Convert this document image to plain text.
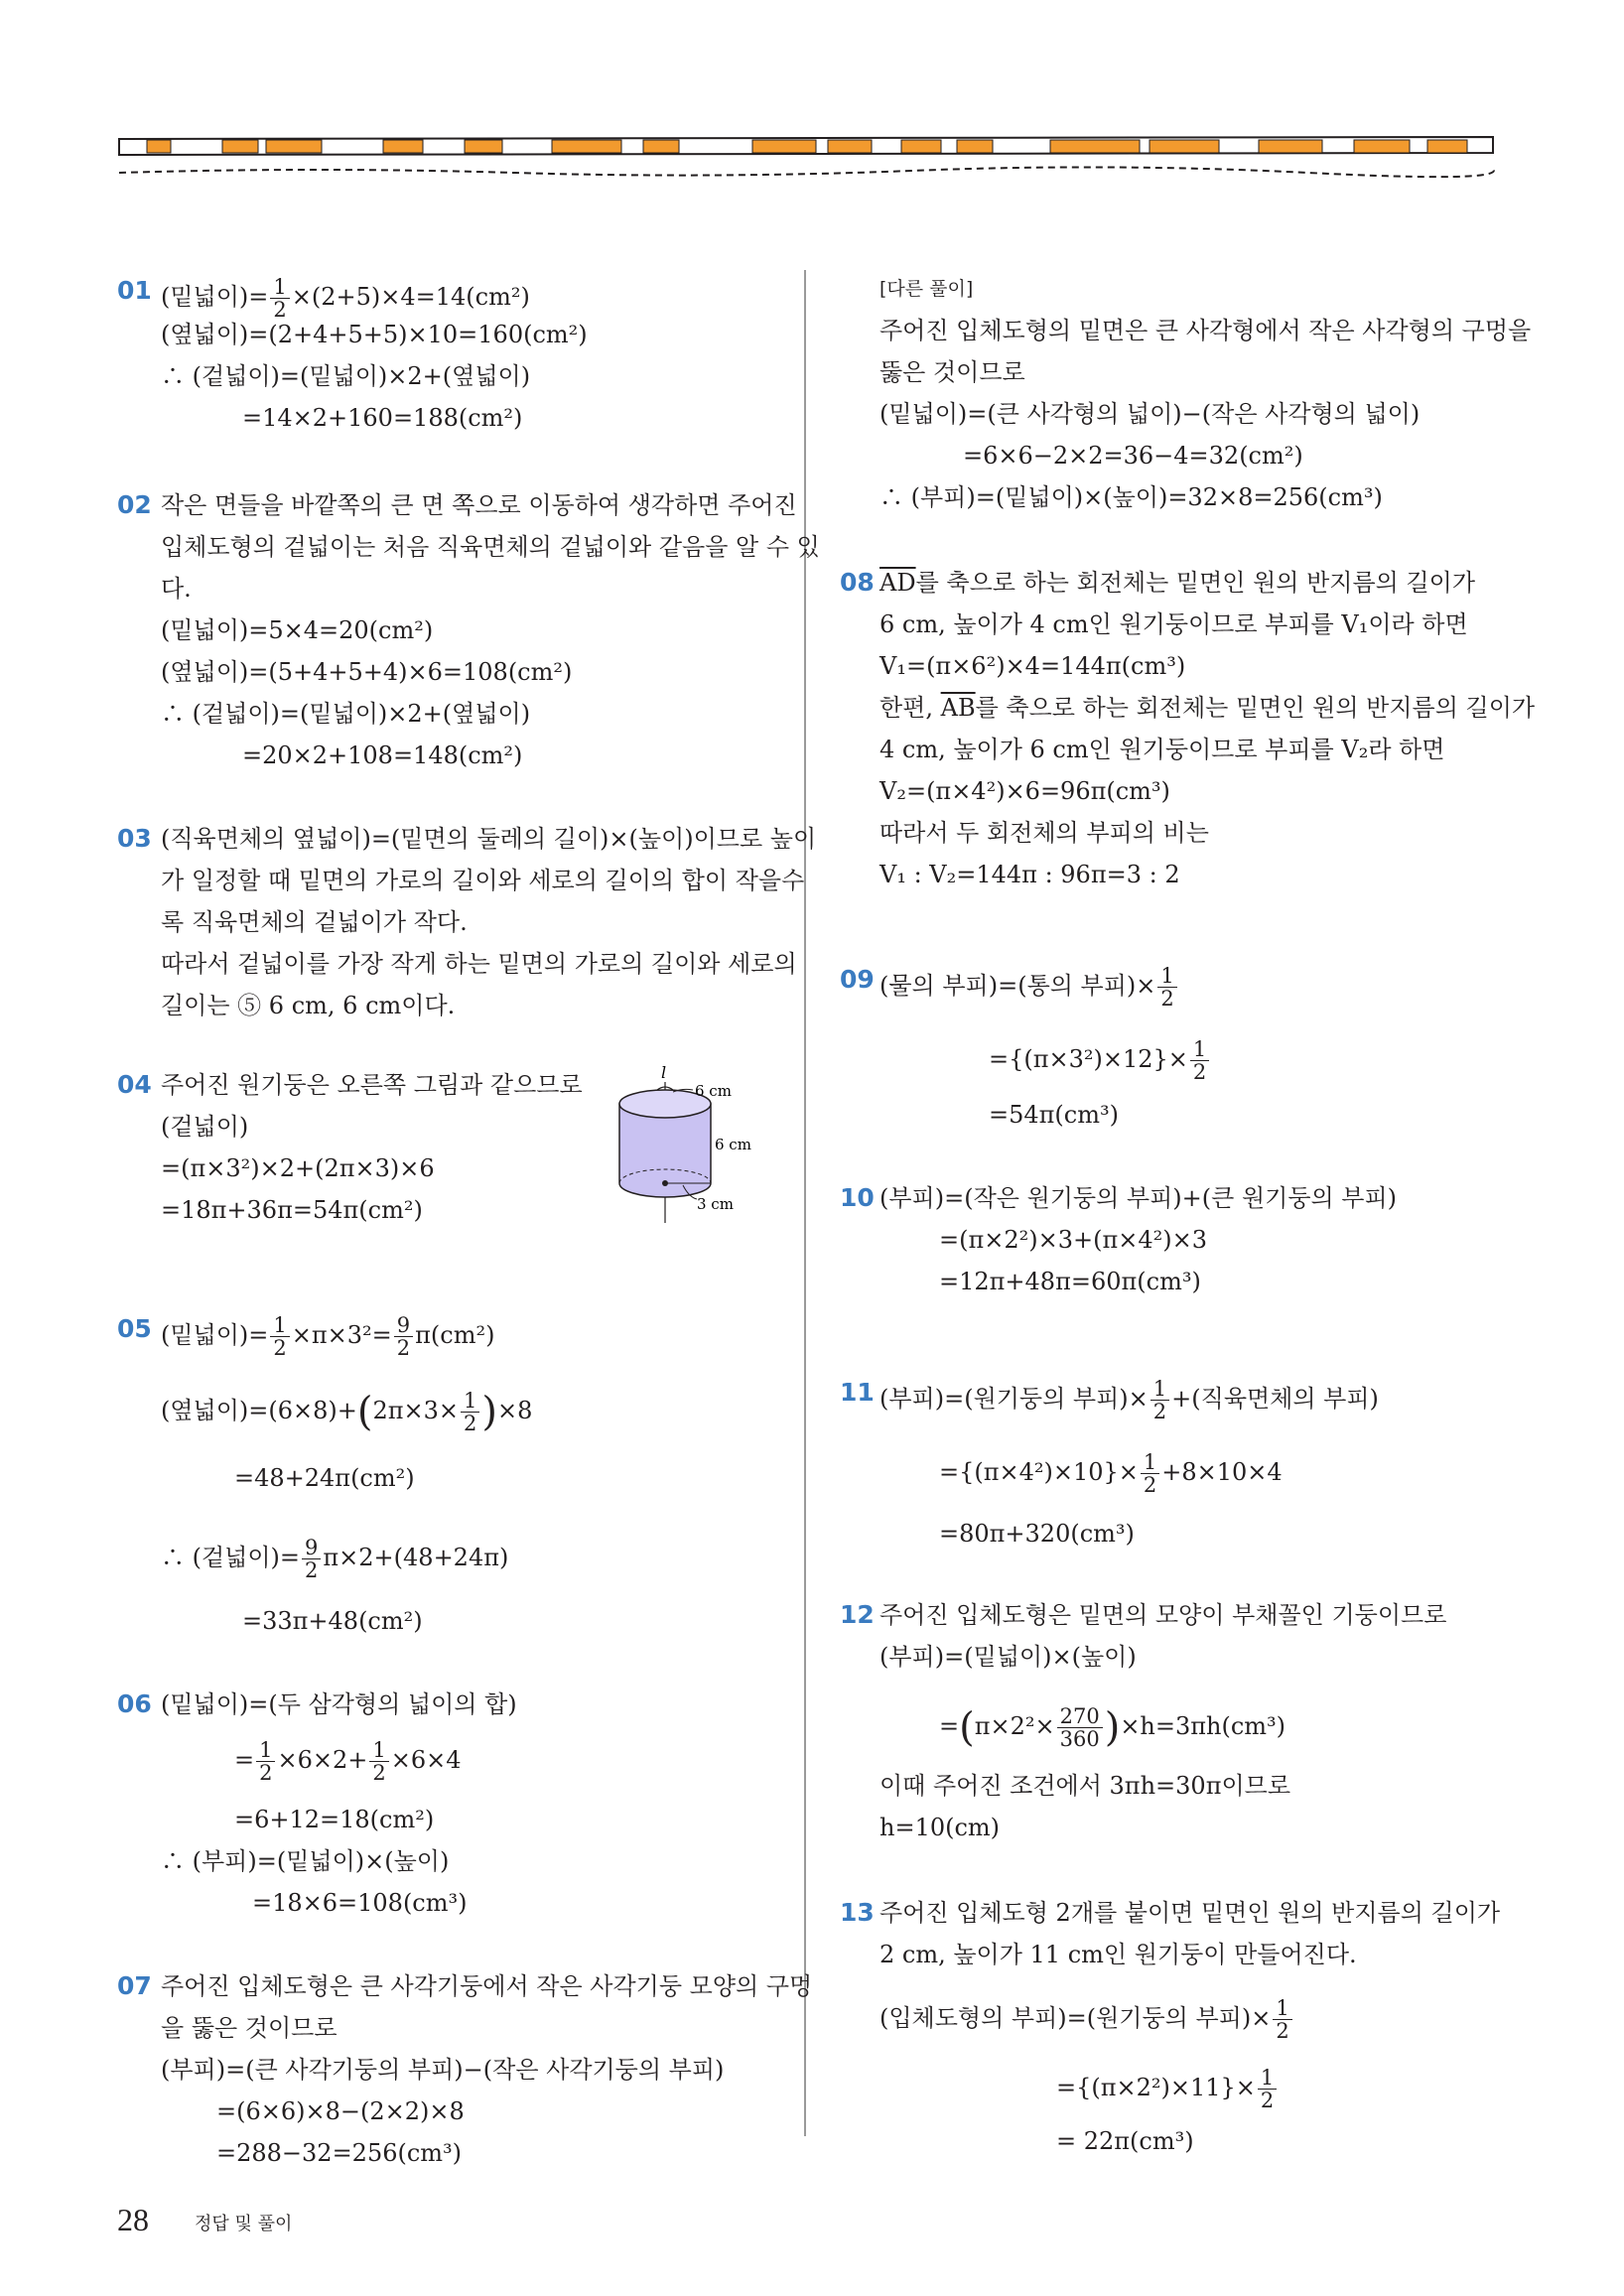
01 (밑넓이)= $\frac{1}{2} \times(2+5)\times 4=14(cm^2)$
(옆넓이)=(2+4+5+5)×10=160(cm²)
∴ (겉넓이)=(밑넓이)×2+(옆넓이)
=14×2+160=188(cm²)
02 작은 면들을 바깥쪽의 큰 면 쪽으로 이동하여 생각하면 주어진
입체도형의 겉넓이는 처음 직육면체의 겉넓이와 같음을 알 수 있
다.
(밑넓이)=5×4=20(cm²)
(옆넓이)=(5+4+5+4)×6=108(cm²)
∴ (겉넓이)=(밑넓이)×2+(옆넓이)
=20×2+108=148(cm²)
03 (직육면체의 옆넓이)=(밑면의 둘레의 길이)×(높이)이므로 높이
가 일정할 때 밑면의 가로의 길이와 세로의 길이의 합이 작을수
록 직육면체의 겉넓이가 작다.
따라서 겉넓이를 가장 작게 하는 밑면의 가로의 길이와 세로의
길이는 ⑤ 6 cm, 6 cm이다.
04 주어진 원기둥은 오른쪽 그림과 같으므로
(겉넓이)
=(π×3²)×2+(2π×3)×6
=18π+36π=54π(cm²)
l
6 cm
6 cm
3 cm
05 (밑넓이)= $\frac{1}{2} \times\pi\times 3^2= \frac{9}{2} \pi(cm^2)$
(옆넓이)$=(6\times 8)+(2\pi\times 3\times \frac{1}{2} )\times 8$
=48+24π(cm²)
∴ (겉넓이)= $\frac{9}{2} \pi\times 2+(48+24\pi)$
=33π+48(cm²)
06 (밑넓이)=(두 삼각형의 넓이의 합)
= $\frac{1}{2} \times 6\times 2+ \frac{1}{2} \times 6\times 4$
=6+12=18(cm²)
∴ (부피)=(밑넓이)×(높이)
=18×6=108(cm³)
07 주어진 입체도형은 큰 사각기둥에서 작은 사각기둥 모양의 구멍
을 뚫은 것이므로
(부피)=(큰 사각기둥의 부피)−(작은 사각기둥의 부피)
=(6×6)×8−(2×2)×8
=288−32=256(cm³)
[다른 풀이]
주어진 입체도형의 밑면은 큰 사각형에서 작은 사각형의 구멍을
뚫은 것이므로
(밑넓이)=(큰 사각형의 넓이)−(작은 사각형의 넓이)
=6×6−2×2=36−4=32(cm²)
∴ (부피)=(밑넓이)×(높이)=32×8=256(cm³)
08 $\overline{AD}$를 축으로 하는 회전체는 밑면인 원의 반지름의 길이가
6 cm, 높이가 4 cm인 원기둥이므로 부피를 V₁이라 하면
V₁=(π×6²)×4=144π(cm³)
한편, $\overline{AB}$를 축으로 하는 회전체는 밑면인 원의 반지름의 길이가
4 cm, 높이가 6 cm인 원기둥이므로 부피를 V₂라 하면
V₂=(π×4²)×6=96π(cm³)
따라서 두 회전체의 부피의 비는
V₁ : V₂=144π : 96π=3 : 2
09 (물의 부피)=(통의 부피)× $\frac{1}{2}$
$=\{(\pi\times 3^2)\times 12\}\times \frac{1}{2}$
=54π(cm³)
10 (부피)=(작은 원기둥의 부피)+(큰 원기둥의 부피)
=(π×2²)×3+(π×4²)×3
=12π+48π=60π(cm³)
11 (부피)=(원기둥의 부피)× $\frac{1}{2}$ +(직육면체의 부피)
$=\{(\pi\times 4^2)\times 10\}\times \frac{1}{2} +8\times 10\times 4$
=80π+320(cm³)
12 주어진 입체도형은 밑면의 모양이 부채꼴인 기둥이므로
(부피)=(밑넓이)×(높이)
$=(\pi\times 2^2\times \frac{270}{360} )\times h=3\pi h(cm^3)$
이때 주어진 조건에서 3πh=30π이므로
h=10(cm)
13 주어진 입체도형 2개를 붙이면 밑면인 원의 반지름의 길이가
2 cm, 높이가 11 cm인 원기둥이 만들어진다.
(입체도형의 부피)=(원기둥의 부피)× $\frac{1}{2}$
$=\{(\pi\times 2^2)\times 11\}\times \frac{1}{2}$
= 22π(cm³)
28	정답 및 풀이
